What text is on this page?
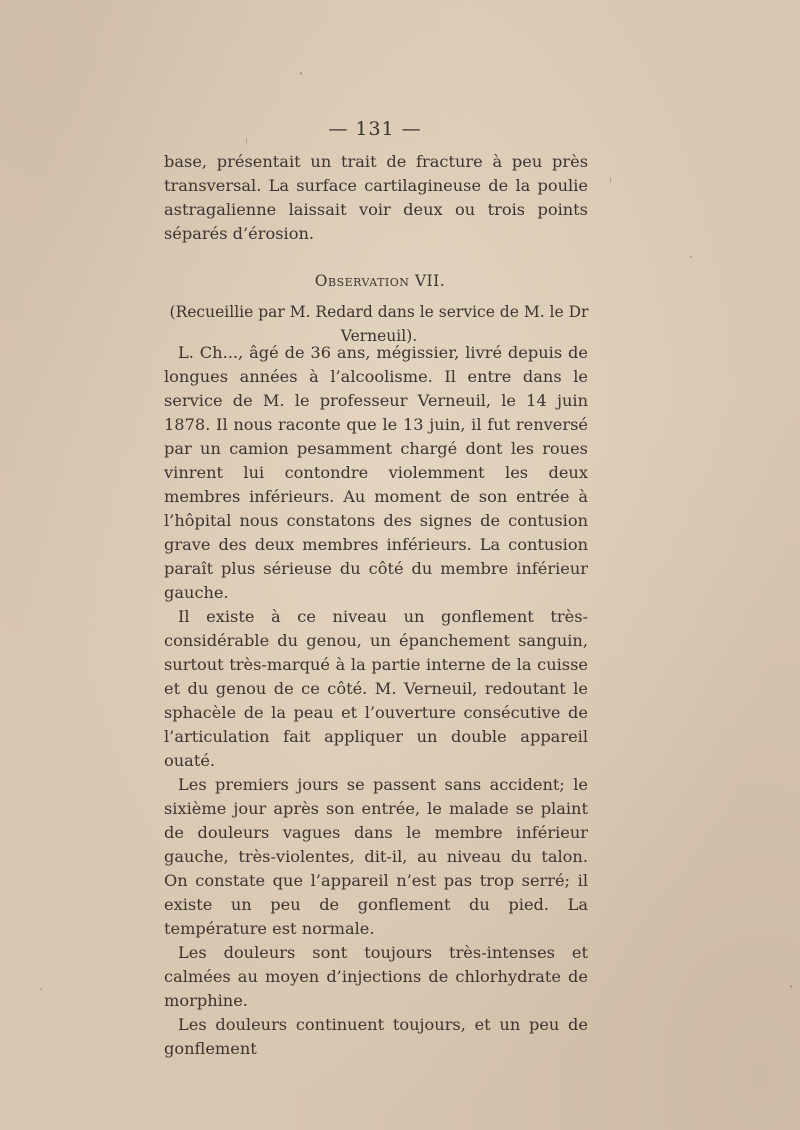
— 131 —

base, présentait un trait de fracture à peu près transversal. La surface cartilagineuse de la poulie astragalienne laissait voir deux ou trois points séparés d’érosion.

Observation VII.
(Recueillie par M. Redard dans le service de M. le Dr Verneuil).

L. Ch..., âgé de 36 ans, mégissier, livré depuis de longues années à l’alcoolisme. Il entre dans le service de M. le professeur Verneuil, le 14 juin 1878. Il nous raconte que le 13 juin, il fut renversé par un camion pesamment chargé dont les roues vinrent lui contondre violemment les deux membres inférieurs. Au moment de son entrée à l’hôpital nous constatons des signes de contusion grave des deux membres inférieurs. La contusion paraît plus sérieuse du côté du membre inférieur gauche.

Il existe à ce niveau un gonflement très-considérable du genou, un épanchement sanguin, surtout très-marqué à la partie interne de la cuisse et du genou de ce côté. M. Verneuil, redoutant le sphacèle de la peau et l’ouverture consécutive de l’articulation fait appliquer un double appareil ouaté.

Les premiers jours se passent sans accident; le sixième jour après son entrée, le malade se plaint de douleurs vagues dans le membre inférieur gauche, très-violentes, dit-il, au niveau du talon. On constate que l’appareil n’est pas trop serré; il existe un peu de gonflement du pied. La température est normale.

Les douleurs sont toujours très-intenses et calmées au moyen d’injections de chlorhydrate de morphine.

Les douleurs continuent toujours, et un peu de gonflement
